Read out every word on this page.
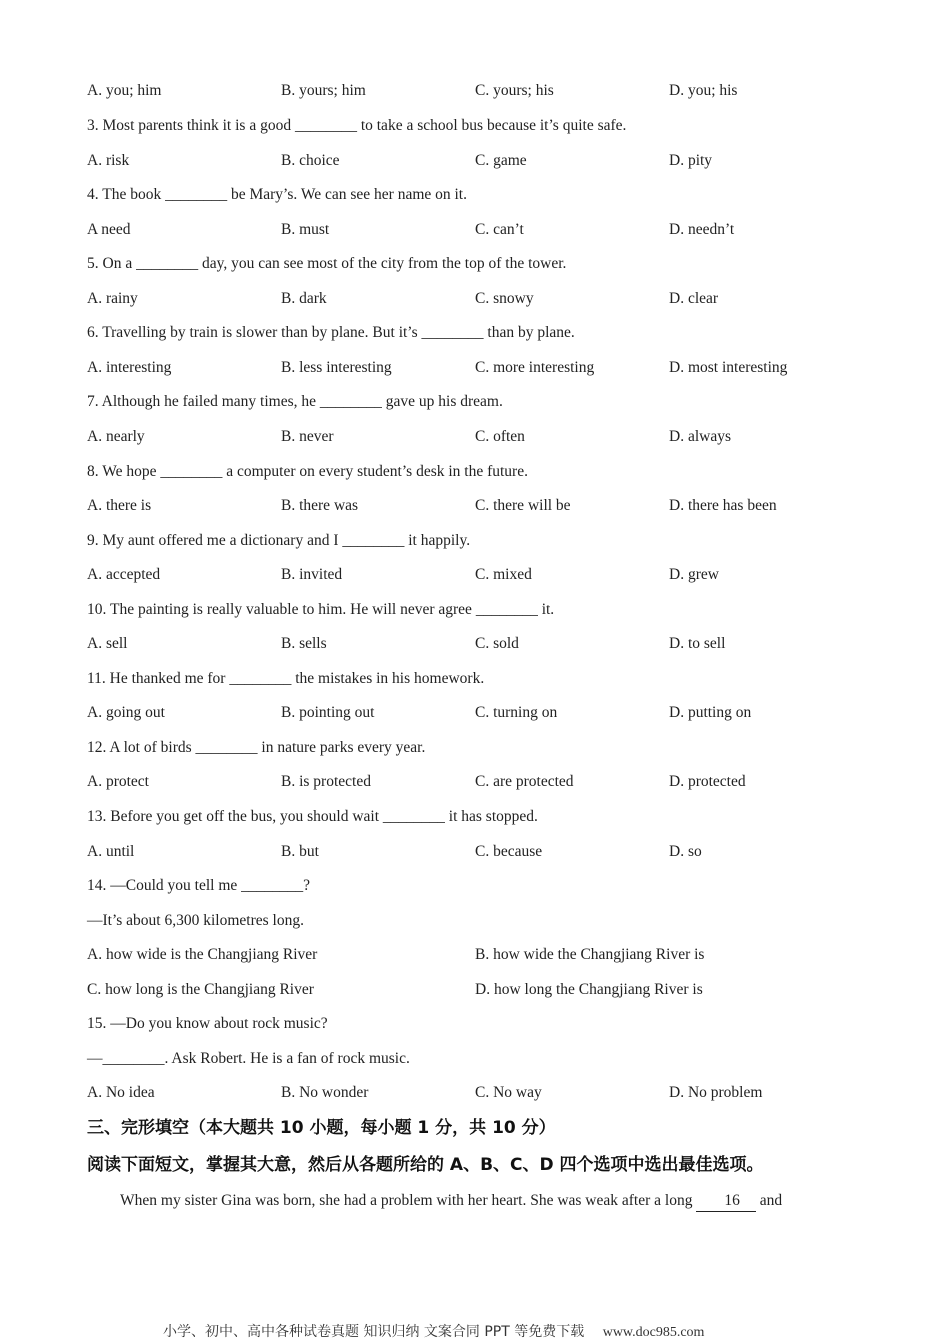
A. you; him	B. yours; him	C. yours; his	D. you; his
3. Most parents think it is a good ________ to take a school bus because it’s quite safe.
A. risk	B. choice	C. game	D. pity
4. The book ________ be Mary’s. We can see her name on it.
A need	B. must	C. can’t	D. needn’t
5. On a ________ day, you can see most of the city from the top of the tower.
A. rainy	B. dark	C. snowy	D. clear
6. Travelling by train is slower than by plane. But it’s ________ than by plane.
A. interesting	B. less interesting	C. more interesting	D. most interesting
7. Although he failed many times, he ________ gave up his dream.
A. nearly	B. never	C. often	D. always
8. We hope ________ a computer on every student’s desk in the future.
A. there is	B. there was	C. there will be	D. there has been
9. My aunt offered me a dictionary and I ________ it happily.
A. accepted	B. invited	C. mixed	D. grew
10. The painting is really valuable to him. He will never agree ________ it.
A. sell	B. sells	C. sold	D. to sell
11. He thanked me for ________ the mistakes in his homework.
A. going out	B. pointing out	C. turning on	D. putting on
12. A lot of birds ________ in nature parks every year.
A. protect	B. is protected	C. are protected	D. protected
13. Before you get off the bus, you should wait ________ it has stopped.
A. until	B. but	C. because	D. so
14. —Could you tell me ________?
—It’s about 6,300 kilometres long.
A. how wide is the Changjiang River	B. how wide the Changjiang River is
C. how long is the Changjiang River	D. how long the Changjiang River is
15. —Do you know about rock music?
—________. Ask Robert. He is a fan of rock music.
A. No idea	B. No wonder	C. No way	D. No problem
三、完形填空（本大题共 10 小题，每小题 1 分，共 10 分）
阅读下面短文，掌握其大意，然后从各题所给的 A、B、C、D 四个选项中选出最佳选项。
When my sister Gina was born, she had a problem with her heart. She was weak after a long 16 and
小学、初中、高中各种试卷真题 知识归纳 文案合同 PPT 等免费下载 www.doc985.com
